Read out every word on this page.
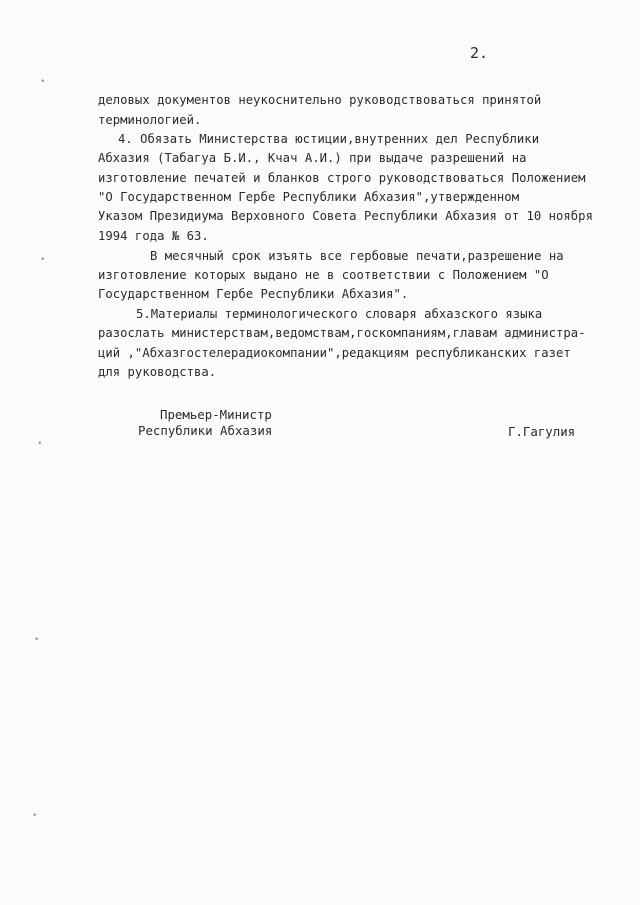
2.
•
•
•
•
•
деловых документов неукоснительно руководствоваться принятой
терминологией.
4. Обязать Министерства юстиции,внутренних дел Республики
Абхазия (Табагуа Б.И., Кчач А.И.) при выдаче разрешений на
изготовление печатей и бланков строго руководствоваться Положением
"О Государственном Гербе Республики Абхазия",утвержденном
Указом Президиума Верховного Совета Республики Абхазия от 10 ноября
1994 года № 63.
В месячный срок изъять все гербовые печати,разрешение на
изготовление которых выдано не в соответствии с Положением "О
Государственном Гербе Республики Абхазия".
5.Материалы терминологического словаря абхазского языка
разослать министерствам,ведомствам,госкомпаниям,главам администра-
ций ,"Абхазгостелерадиокомпании",редакциям республиканских газет
для руководства.
Премьер-Министр
Республики Абхазия	Г.Гагулия
